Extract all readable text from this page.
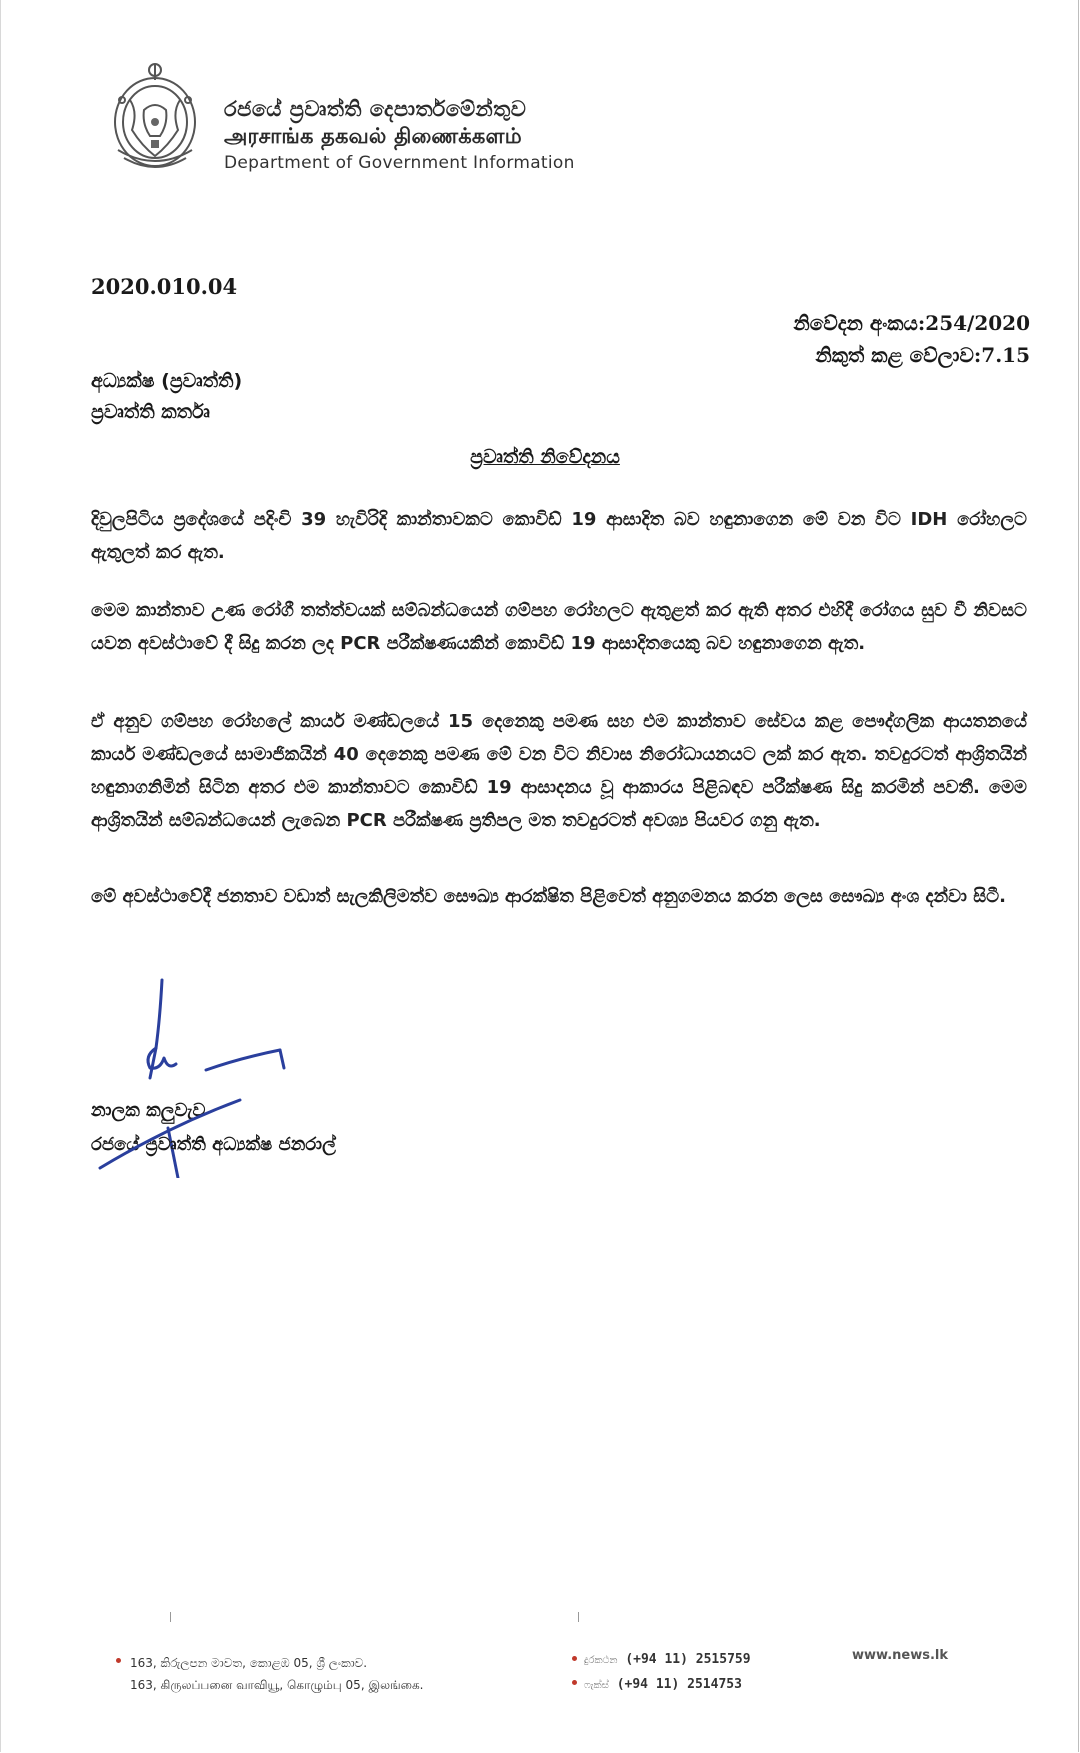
රජයේ ප්‍රවෘත්ති දෙපාර්තමේන්තුව
அரசாங்க தகவல் திணைக்களம்
Department of Government Information
2020.010.04
නිවේදන අංකය:254/2020
නිකුත් කළ වේලාව:7.15
අධ්‍යක්ෂ (ප්‍රවෘත්ති)
ප්‍රවෘත්ති කර්තෘ
ප්‍රවෘත්ති නිවේදනය
දිවුලපිටිය ප්‍රදේශයේ පදිංචි 39 හැවිරිදි කාන්තාවකට කොවිඩ් 19 ආසාදිත බව හඳුනාගෙන මේ වන විට IDH රෝහලට ඇතුලත් කර ඇත.
මෙම කාන්තාව උණ රෝගී තත්ත්වයක් සම්බන්ධයෙන් ගම්පහ රෝහලට ඇතුළත් කර ඇති අතර එහිදී රෝගය සුව වී නිවසට යවන අවස්ථාවේ දී සිදු කරන ලද PCR පරීක්ෂණයකින් කොවිඩ් 19 ආසාදිතයෙකු බව හඳුනාගෙන ඇත.
ඒ අනුව ගම්පහ රෝහලේ කාර්ය මණ්ඩලයේ 15 දෙනෙකු පමණ සහ එම කාන්තාව සේවය කළ පෞද්ගලික ආයතනයේ කාර්ය මණ්ඩලයේ සාමාජිකයින් 40 දෙනෙකු පමණ මේ වන විට නිවාස නිරෝධායනයට ලක් කර ඇත. තවදුරටත් ආශ්‍රිතයින් හඳුනාගනිමින් සිටින අතර එම කාන්තාවට කොවිඩ් 19 ආසාදනය වූ ආකාරය පිළිබඳව පරීක්ෂණ සිදු කරමින් පවතී. මෙම ආශ්‍රිතයින් සම්බන්ධයෙන් ලැබෙන PCR පරීක්ෂණ ප්‍රතිපල මත තවදුරටත් අවශ්‍ය පියවර ගනු ඇත.
මේ අවස්ථාවේදී ජනතාව වඩාත් සැලකිලිමත්ව සෞඛ්‍ය ආරක්ෂිත පිළිවෙත් අනුගමනය කරන ලෙස සෞඛ්‍ය අංශ දන්වා සිටී.
නාලක කලුවැව
රජයේ ප්‍රවෘත්ති අධ්‍යක්ෂ ජනරාල්
163, කිරුලපන මාවත, කොළඹ 05, ශ්‍රී ලංකාව.
163, கிருலப்பனை வாவியூ, கொழும்பு 05, இலங்கை.
දුරකථන (+94 11) 2515759
ෆැක්ස් (+94 11) 2514753
www.news.lk
